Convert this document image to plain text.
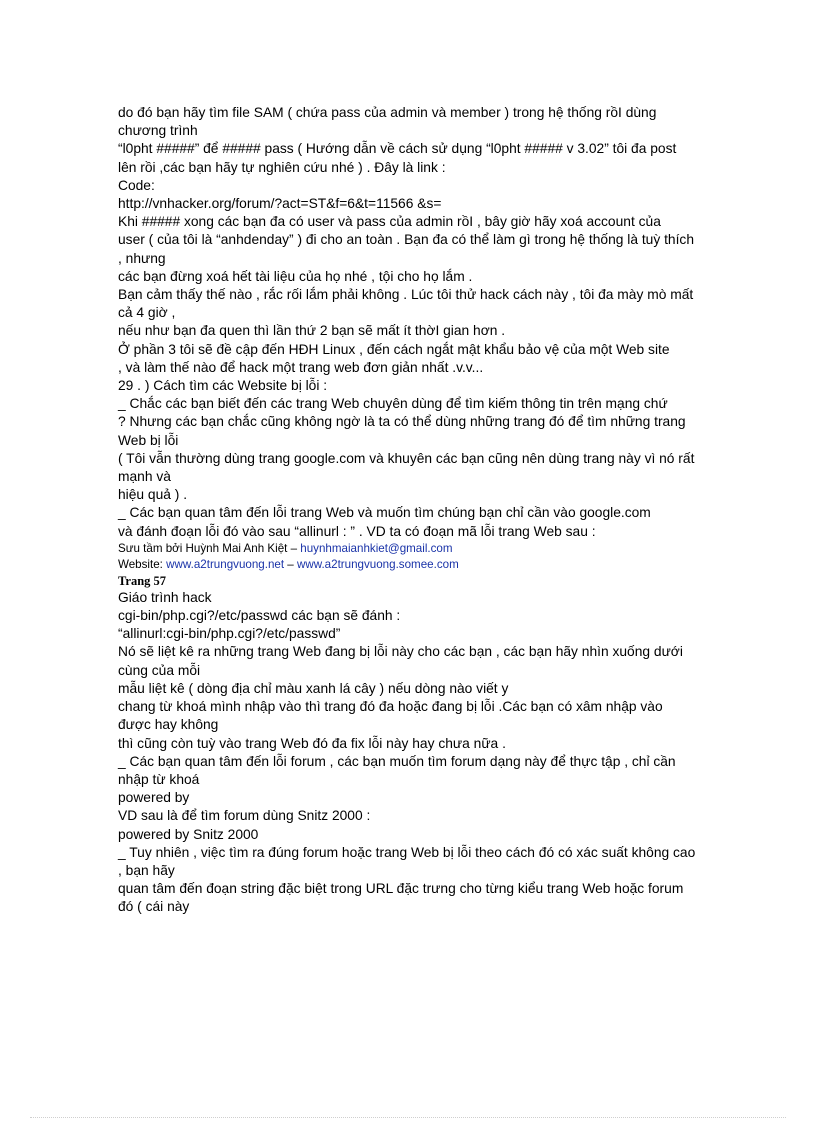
do đó bạn hãy tìm file SAM ( chứa pass của admin và member ) trong hệ thống rồI dùng chương trình
“l0pht #####” để ##### pass ( Hướng dẫn về cách sử dụng “l0pht ##### v 3.02” tôi đa post lên rồi ,các bạn hãy tự nghiên cứu nhé ) . Đây là link :
Code:
http://vnhacker.org/forum/?act=ST&f=6&t=11566 &s=
Khi ##### xong các bạn đa có user và pass của admin rồI , bây giờ hãy xoá account của
user ( của tôi là “anhdenday” ) đi cho an toàn . Bạn đa có thể làm gì trong hệ thống là tuỳ thích , nhưng
các bạn đừng xoá hết tài liệu của họ nhé , tội cho họ lắm .
Bạn cảm thấy thế nào , rắc rối lắm phải không . Lúc tôi thử hack cách này , tôi đa mày mò mất cả 4 giờ ,
nếu như bạn đa quen thì lần thứ 2 bạn sẽ mất ít thờI gian hơn .
Ở phần 3 tôi sẽ đề cập đến HĐH Linux , đến cách ngắt mật khẩu bảo vệ của một Web site
, và làm thế nào để hack một trang web đơn giản nhất .v.v...
29 . ) Cách tìm các Website bị lỗi :
_ Chắc các bạn biết đến các trang Web chuyên dùng để tìm kiếm thông tin trên mạng chứ
? Nhưng các bạn chắc cũng không ngờ là ta có thể dùng những trang đó để tìm những trang Web bị lỗi
( Tôi vẫn thường dùng trang google.com và khuyên các bạn cũng nên dùng trang này vì nó rất mạnh và
hiệu quả ) .
_ Các bạn quan tâm đến lỗi trang Web và muốn tìm chúng bạn chỉ cần vào google.com
và đánh đoạn lỗi đó vào sau “allinurl : ” . VD ta có đoạn mã lỗi trang Web sau :
Sưu tầm bởi Huỳnh Mai Anh Kiệt – huynhmaianhkiet@gmail.com
Website: www.a2trungvuong.net – www.a2trungvuong.somee.com
Trang 57
Giáo trình hack
cgi-bin/php.cgi?/etc/passwd các bạn sẽ đánh :
“allinurl:cgi-bin/php.cgi?/etc/passwd”
Nó sẽ liệt kê ra những trang Web đang bị lỗi này cho các bạn , các bạn hãy nhìn xuống dưới cùng của mỗi
mẫu liệt kê ( dòng địa chỉ màu xanh lá cây ) nếu dòng nào viết y
chang từ khoá mình nhập vào thì trang đó đa hoặc đang bị lỗi .Các bạn có xâm nhập vào được hay không
thì cũng còn tuỳ vào trang Web đó đa fix lỗi này hay chưa nữa .
_ Các bạn quan tâm đến lỗi forum , các bạn muốn tìm forum dạng này để thực tập , chỉ cần nhập từ khoá
powered by
VD sau là để tìm forum dùng Snitz 2000 :
powered by Snitz 2000
_ Tuy nhiên , việc tìm ra đúng forum hoặc trang Web bị lỗi theo cách đó có xác suất không cao , bạn hãy
quan tâm đến đoạn string đặc biệt trong URL đặc trưng cho từng kiểu trang Web hoặc forum đó ( cái này
